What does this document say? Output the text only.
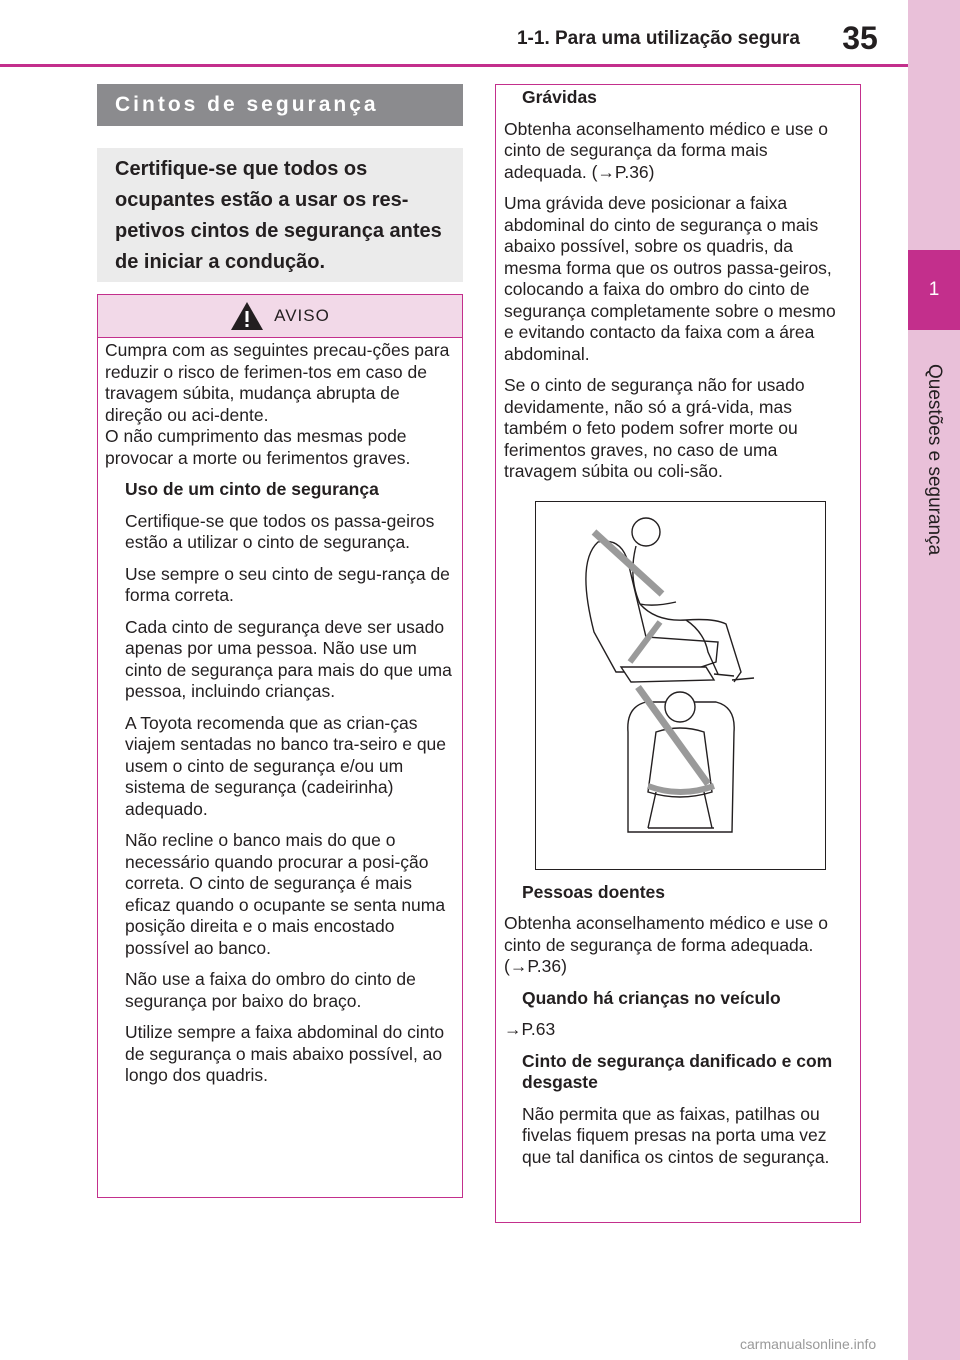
1-1. Para uma utilização segura	35
1
Questões e segurança
Cintos de segurança
Certifique-se que todos os ocupantes estão a usar os res-petivos cintos de segurança antes de iniciar a condução.
AVISO

Cumpra com as seguintes precau-ções para reduzir o risco de ferimen-tos em caso de travagem súbita, mudança abrupta de direção ou aci-dente.

O não cumprimento das mesmas pode provocar a morte ou ferimentos graves.

Uso de um cinto de segurança

Certifique-se que todos os passa-geiros estão a utilizar o cinto de segurança.

Use sempre o seu cinto de segu-rança de forma correta.

Cada cinto de segurança deve ser usado apenas por uma pessoa. Não use um cinto de segurança para mais do que uma pessoa, incluindo crianças.

A Toyota recomenda que as crian-ças viajem sentadas no banco tra-seiro e que usem o cinto de segurança e/ou um sistema de segurança (cadeirinha) adequado.

Não recline o banco mais do que o necessário quando procurar a posi-ção correta. O cinto de segurança é mais eficaz quando o ocupante se senta numa posição direita e o mais encostado possível ao banco.

Não use a faixa do ombro do cinto de segurança por baixo do braço.

Utilize sempre a faixa abdominal do cinto de segurança o mais abaixo possível, ao longo dos quadris.

Grávidas

Obtenha aconselhamento médico e use o cinto de segurança da forma mais adequada. (→P.36)

Uma grávida deve posicionar a faixa abdominal do cinto de segurança o mais abaixo possível, sobre os quadris, da mesma forma que os outros passa-geiros, colocando a faixa do ombro do cinto de segurança completamente sobre o mesmo e evitando contacto da faixa com a área abdominal.

Se o cinto de segurança não for usado devidamente, não só a grá-vida, mas também o feto podem sofrer morte ou ferimentos graves, no caso de uma travagem súbita ou coli-são.

Pessoas doentes

Obtenha aconselhamento médico e use o cinto de segurança de forma adequada. (→P.36)

Quando há crianças no veículo

→P.63

Cinto de segurança danificado e com desgaste

Não permita que as faixas, patilhas ou fivelas fiquem presas na porta uma vez que tal danifica os cintos de segurança.

carmanualsonline.info
